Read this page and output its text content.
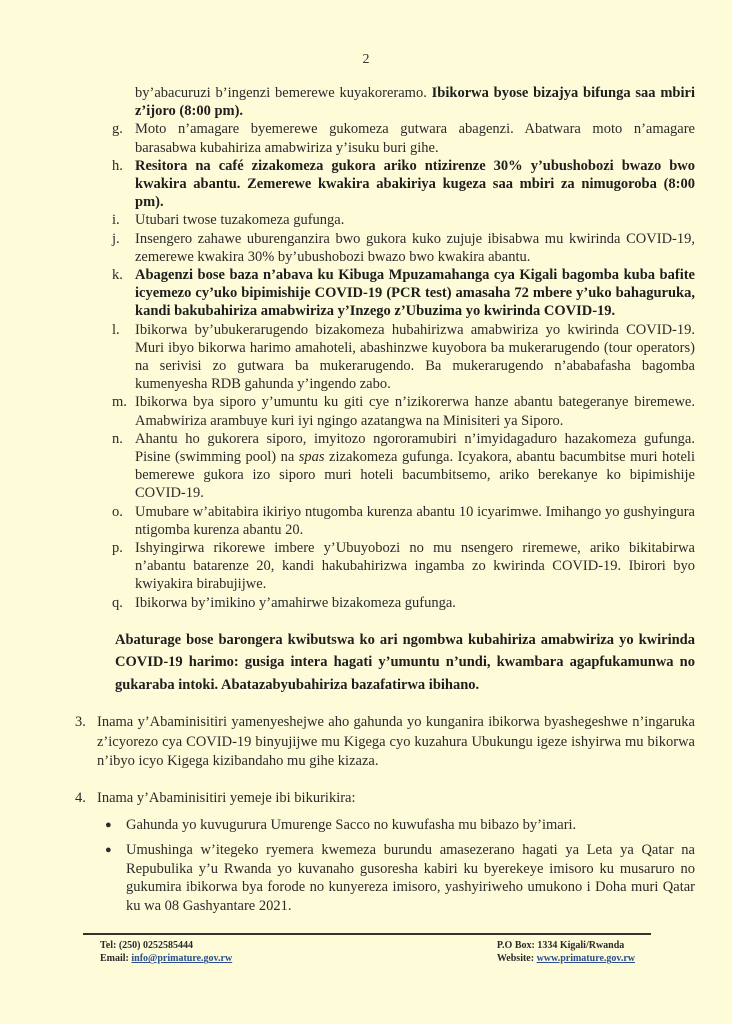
2
by’abacuruzi b’ingenzi bemerewe kuyakoreramo. Ibikorwa byose bizajya bifunga saa mbiri z’ijoro (8:00 pm).
g. Moto n’amagare byemerewe gukomeza gutwara abagenzi. Abatwara moto n’amagare barasabwa kubahiriza amabwiriza y’isuku buri gihe.
h. Resitora na café zizakomeza gukora ariko ntizirenze 30% y’ubushobozi bwazo bwo kwakira abantu. Zemerewe kwakira abakiriya kugeza saa mbiri za nimugoroba (8:00 pm).
i.	Utubari twose tuzakomeza gufunga.
j.	Insengero zahawe uburenganzira bwo gukora kuko zujuje ibisabwa mu kwirinda COVID-19, zemerewe kwakira 30% by’ubushobozi bwazo bwo kwakira abantu.
k. Abagenzi bose baza n’abava ku Kibuga Mpuzamahanga cya Kigali bagomba kuba bafite icyemezo cy’uko bipimishije COVID-19 (PCR test) amasaha 72 mbere y’uko bahaguruka, kandi bakubahiriza amabwiriza y’Inzego z’Ubuzima yo kwirinda COVID-19.
l.	Ibikorwa by’ubukerarugendo bizakomeza hubahirizwa amabwiriza yo kwirinda COVID-19. Muri ibyo bikorwa harimo amahoteli, abashinzwe kuyobora ba mukerarugendo (tour operators) na serivisi zo gutwara ba mukerarugendo. Ba mukerarugendo n’ababafasha bagomba kumenyesha RDB gahunda y’ingendo zabo.
m. Ibikorwa bya siporo y’umuntu ku giti cye n’izikorerwa hanze abantu bategeranye biremewe. Amabwiriza arambuye kuri iyi ngingo azatangwa na Minisiteri ya Siporo.
n. Ahantu ho gukorera siporo, imyitozo ngororamubiri n’imyidagaduro hazakomeza gufunga. Pisine (swimming pool) na spas zizakomeza gufunga. Icyakora, abantu bacumbitse muri hoteli bemerewe gukora izo siporo muri hoteli bacumbitsemo, ariko berekanye ko bipimishije COVID-19.
o. Umubare w’abitabira ikiriyo ntugomba kurenza abantu 10 icyarimwe. Imihango yo gushyingura ntigomba kurenza abantu 20.
p. Ishyingirwa rikorewe imbere y’Ubuyobozi no mu nsengero riremewe, ariko bikitabirwa n’abantu batarenze 20, kandi hakubahirizwa ingamba zo kwirinda COVID-19. Ibirori byo kwiyakira birabujijwe.
q. Ibikorwa by’imikino y’amahirwe bizakomeza gufunga.
Abaturage bose barongera kwibutswa ko ari ngombwa kubahiriza amabwiriza yo kwirinda COVID-19 harimo: gusiga intera hagati y’umuntu n’undi, kwambara agapfukamunwa no gukaraba intoki. Abatazabyubahiriza bazafatirwa ibihano.
3. Inama y’Abaminisitiri yamenyeshejwe aho gahunda yo kunganira ibikorwa byashegeshwe n’ingaruka z’icyorezo cya COVID-19 binyujijwe mu Kigega cyo kuzahura Ubukungu igeze ishyirwa mu bikorwa n’ibyo icyo Kigega kizibandaho mu gihe kizaza.
4. Inama y’Abaminisitiri yemeje ibi bikurikira:
● Gahunda yo kuvugurura Umurenge Sacco no kuwufasha mu bibazo by’imari.
● Umushinga w’itegeko ryemera kwemeza burundu amasezerano hagati ya Leta ya Qatar na Repubulika y’u Rwanda yo kuvanaho gusoresha kabiri ku byerekeye imisoro ku musaruro no gukumira ibikorwa bya forode no kunyereza imisoro, yashyiriweho umukono i Doha muri Qatar ku wa 08 Gashyantare 2021.
Tel: (250) 0252585444
Email: info@primature.gov.rw
P.O Box: 1334 Kigali/Rwanda
Website: www.primature.gov.rw
